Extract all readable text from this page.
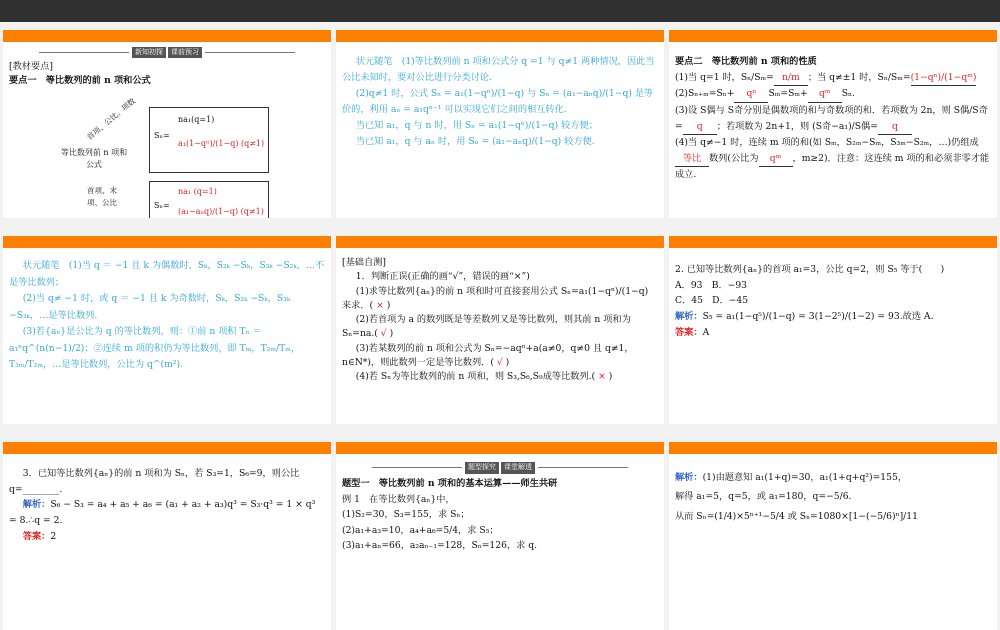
新知初探 课前预习

[教材要点]

要点一　 等比数列的前 n 项和公式

等比数列前 n 项和公式
首项、公比、项数
首项、末项、公比
Sₙ=
na₁(q=1)
a₁(1−qⁿ)/(1−q) (q≠1)
Sₙ=
na₁ (q=1)
(a₁−aₙq)/(1−q) (q≠1)

状元随笔　(1)等比数列前 n 项和公式分 q =1 与 q≠1 两种情况，因此当公比未知时，要对公比进行分类讨论.

(2)q≠1 时，公式 Sₙ = a₁(1−qⁿ)/(1−q) 与 Sₙ = (a₁−aₙq)/(1−q) 是等价的，利用 aₙ = a₁qⁿ⁻¹ 可以实现它们之间的相互转化.

当已知 a₁，q 与 n 时，用 Sₙ = a₁(1−qⁿ)/(1−q) 较方便；

当已知 a₁，q 与 aₙ 时，用 Sₙ = (a₁−aₙq)/(1−q) 较方便.

要点二　 等比数列前 n 项和的性质

(1)当 q=1 时，Sₙ/Sₘ= n/m ；当 q≠±1 时，Sₙ/Sₘ=(1−qⁿ)/(1−qᵐ)

(2)Sₙ₊ₘ=Sₙ+ qⁿ Sₘ=Sₘ+ qᵐ Sₙ.

(3)设 S偶与 S奇分别是偶数项的和与奇数项的和．若项数为 2n，则 S偶/S奇= q ；若项数为 2n+1，则 (S奇−a₁)/S偶= q

(4)当 q≠−1 时，连续 m 项的和(如 Sₘ，S₂ₘ−Sₘ，S₃ₘ−S₂ₘ，…)仍组成等比 数列(公比为 qᵐ ，m≥2)．注意：这连续 m 项的和必须非零才能成立.

状元随笔　(1)当 q ＝ −1 且 k 为偶数时，Sₖ，S₂ₖ −Sₖ，S₃ₖ −S₂ₖ，…不是等比数列；

(2)当 q≠ −1 时，或 q ＝ −1 且 k 为奇数时，Sₖ，S₂ₖ −Sₖ，S₃ₖ −S₂ₖ，…是等比数列.

(3)若{aₙ}是公比为 q 的等比数列，则：①前 n 项积 Tₙ ＝ a₁ⁿq^(n(n−1)/2)；②连续 m 项的积仍为等比数列，即 Tₘ，T₂ₘ/Tₘ，T₃ₘ/T₂ₘ，…是等比数列，公比为 q^(m²).

[基础自测]

1．判断正误(正确的画“√”，错误的画“×”)

(1)求等比数列{aₙ}的前 n 项和时可直接套用公式 Sₙ=a₁(1−qⁿ)/(1−q) 来求．( × )

(2)若首项为 a 的数列既是等差数列又是等比数列，则其前 n 项和为 Sₙ=na.( √ )

(3)若某数列的前 n 项和公式为 Sₙ=−aqⁿ+a(a≠0，q≠0 且 q≠1，n∈N*)，则此数列一定是等比数列．( √ )

(4)若 Sₙ为等比数列的前 n 项和，则 S₃,S₆,S₉成等比数列.( × )

2. 已知等比数列{aₙ}的首项 a₁=3，公比 q=2，则 S₅ 等于(　　)

A．93　 B．−93

C．45　 D．−45

解析：S₅ = a₁(1−q⁵)/(1−q) = 3(1−2⁵)/(1−2) = 93.故选 A.

答案：A

3．已知等比数列{aₙ}的前 n 项和为 Sₙ，若 S₃=1，S₆=9，则公比 q=________.

解析：S₆ − S₃ = a₄ + a₅ + a₆ = (a₁ + a₂ + a₃)q³ = S₃·q³ = 1 × q³ = 8.∴q = 2.

答案：2

题型探究 课堂解透

题型一　 等比数列前 n 项和的基本运算——师生共研

例 1　在等比数列{aₙ}中，

(1)S₂=30，S₃=155，求 Sₙ；

(2)a₁+a₃=10，a₄+a₆=5/4，求 S₅；

(3)a₁+aₙ=66，a₂aₙ₋₁=128，Sₙ=126，求 q.

解析：(1)由题意知 a₁(1+q)=30，a₁(1+q+q²)=155，

解得 a₁=5，q=5，或 a₁=180，q=−5/6.

从而 Sₙ=(1/4)×5ⁿ⁺¹−5/4 或 Sₙ=1080×[1−(−5/6)ⁿ]/11
